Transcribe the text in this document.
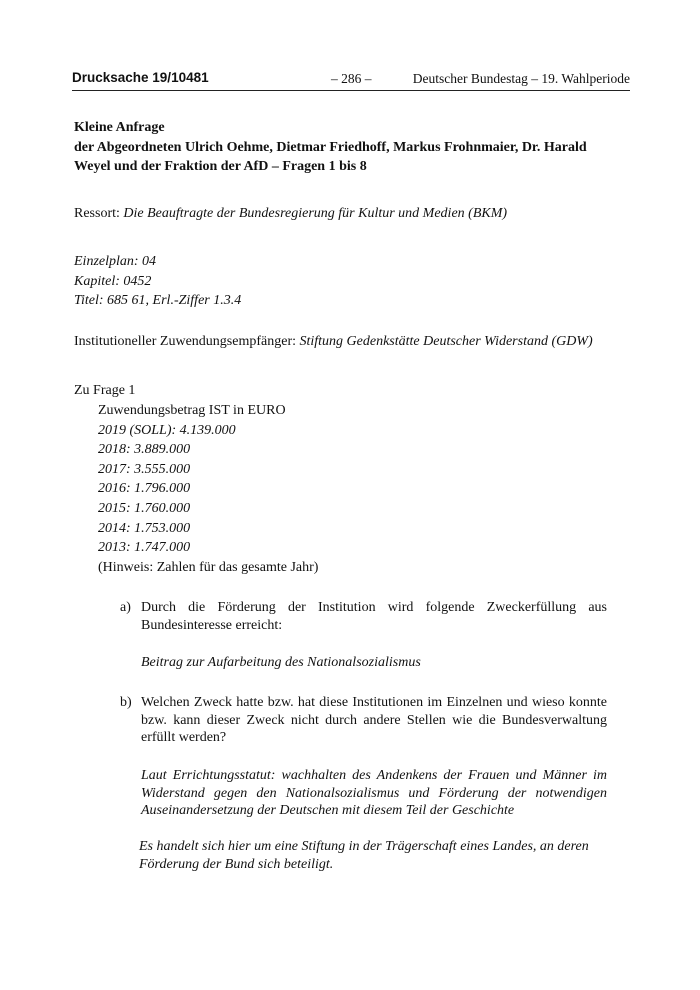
Drucksache 19/10481	– 286 –	Deutscher Bundestag – 19. Wahlperiode
Kleine Anfrage
der Abgeordneten Ulrich Oehme, Dietmar Friedhoff, Markus Frohnmaier, Dr. Harald
Weyel und der Fraktion der AfD – Fragen 1 bis 8
Ressort: Die Beauftragte der Bundesregierung für Kultur und Medien (BKM)
Einzelplan: 04
Kapitel: 0452
Titel: 685 61, Erl.-Ziffer 1.3.4
Institutioneller Zuwendungsempfänger: Stiftung Gedenkstätte Deutscher Widerstand (GDW)
Zu Frage 1
Zuwendungsbetrag IST in EURO
2019 (SOLL): 4.139.000
2018: 3.889.000
2017: 3.555.000
2016: 1.796.000
2015: 1.760.000
2014: 1.753.000
2013: 1.747.000
(Hinweis: Zahlen für das gesamte Jahr)
a) Durch die Förderung der Institution wird folgende Zweckerfüllung aus Bundesinteresse erreicht:
Beitrag zur Aufarbeitung des Nationalsozialismus
b) Welchen Zweck hatte bzw. hat diese Institutionen im Einzelnen und wieso konnte bzw. kann dieser Zweck nicht durch andere Stellen wie die Bundesverwaltung erfüllt werden?
Laut Errichtungsstatut: wachhalten des Andenkens der Frauen und Männer im Widerstand gegen den Nationalsozialismus und Förderung der notwendigen Auseinandersetzung der Deutschen mit diesem Teil der Geschichte
Es handelt sich hier um eine Stiftung in der Trägerschaft eines Landes, an deren Förderung der Bund sich beteiligt.
